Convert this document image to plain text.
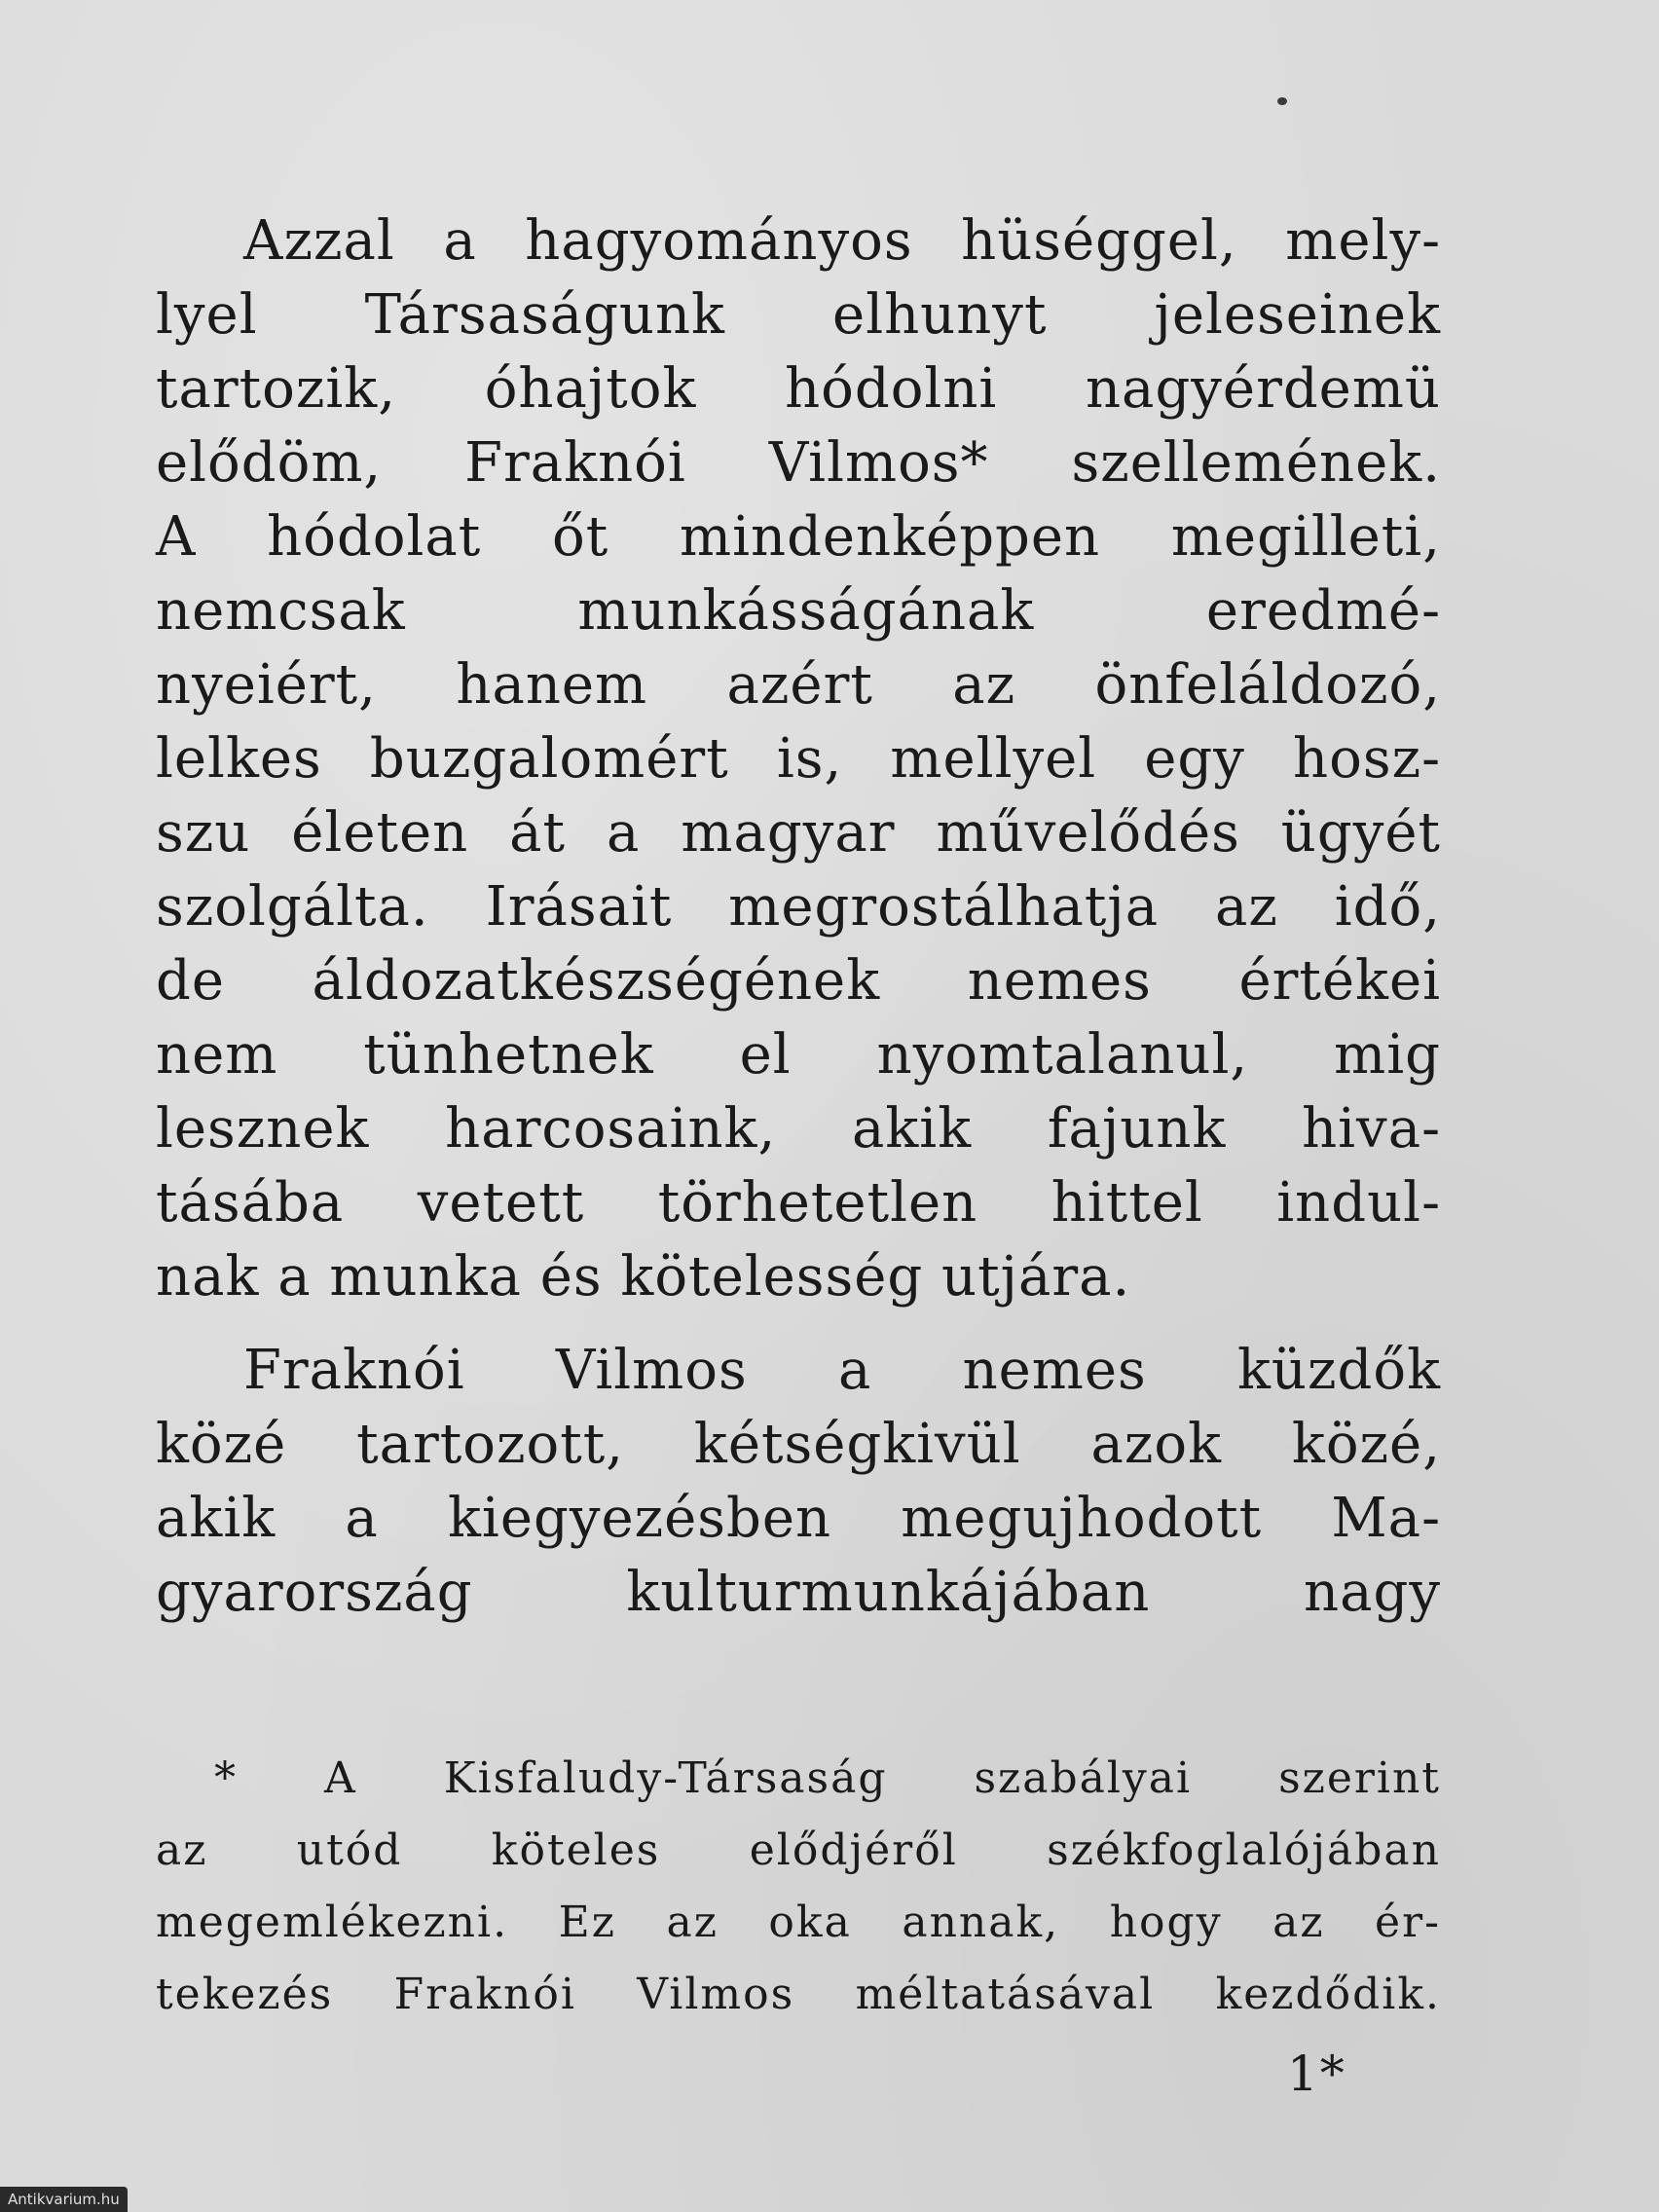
Azzal a hagyományos hüséggel, mely-
lyel Társaságunk elhunyt jeleseinek
tartozik, óhajtok hódolni nagyérdemü
elődöm, Fraknói Vilmos* szellemének.
A hódolat őt mindenképpen megilleti,
nemcsak munkásságának eredmé-
nyeiért, hanem azért az önfeláldozó,
lelkes buzgalomért is, mellyel egy hosz-
szu életen át a magyar művelődés ügyét
szolgálta. Irásait megrostálhatja az idő,
de áldozatkészségének nemes értékei
nem tünhetnek el nyomtalanul, mig
lesznek harcosaink, akik fajunk hiva-
tásába vetett törhetetlen hittel indul-
nak a munka és kötelesség utjára.
Fraknói Vilmos a nemes küzdők
közé tartozott, kétségkivül azok közé,
akik a kiegyezésben megujhodott Ma-
gyarország kulturmunkájában nagy
* A Kisfaludy-Társaság szabályai szerint
az utód köteles elődjéről székfoglalójában
megemlékezni. Ez az oka annak, hogy az ér-
tekezés Fraknói Vilmos méltatásával kezdődik.
1*
Antikvarium.hu
